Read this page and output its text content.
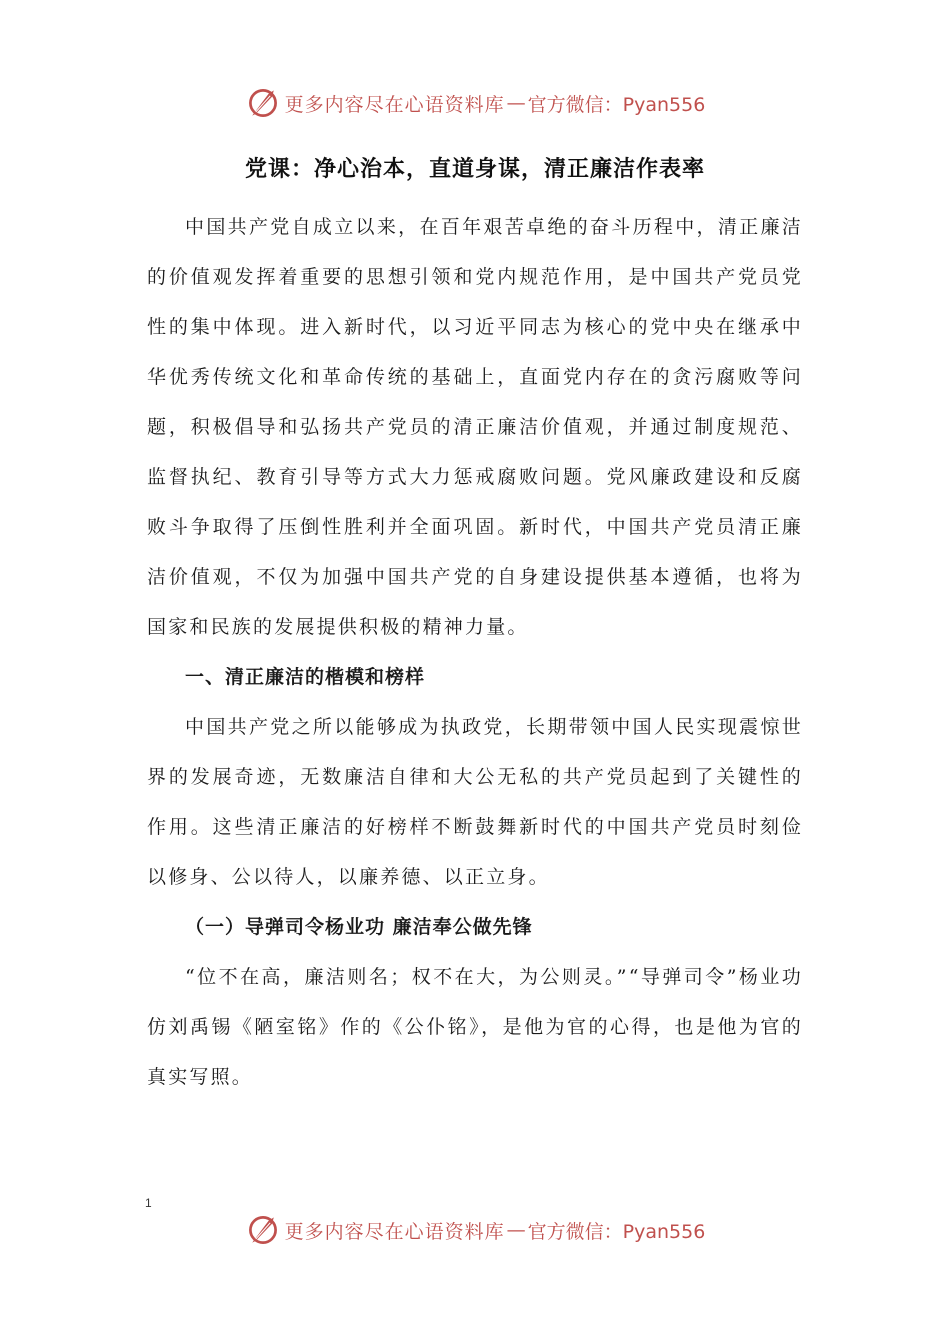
更多内容尽在心语资料库 — 官方微信：Pyan556
党课：净心治本，直道身谋，清正廉洁作表率

中国共产党自成立以来，在百年艰苦卓绝的奋斗历程中，清正廉洁的价值观发挥着重要的思想引领和党内规范作用，是中国共产党员党性的集中体现。进入新时代，以习近平同志为核心的党中央在继承中华优秀传统文化和革命传统的基础上，直面党内存在的贪污腐败等问题，积极倡导和弘扬共产党员的清正廉洁价值观，并通过制度规范、监督执纪、教育引导等方式大力惩戒腐败问题。党风廉政建设和反腐败斗争取得了压倒性胜利并全面巩固。新时代，中国共产党员清正廉洁价值观，不仅为加强中国共产党的自身建设提供基本遵循，也将为国家和民族的发展提供积极的精神力量。

一、清正廉洁的楷模和榜样

中国共产党之所以能够成为执政党，长期带领中国人民实现震惊世界的发展奇迹，无数廉洁自律和大公无私的共产党员起到了关键性的作用。这些清正廉洁的好榜样不断鼓舞新时代的中国共产党员时刻俭以修身、公以待人，以廉养德、以正立身。

（一）导弹司令杨业功 廉洁奉公做先锋

“位不在高，廉洁则名；权不在大，为公则灵。”“导弹司令”杨业功仿刘禹锡《陋室铭》作的《公仆铭》，是他为官的心得，也是他为官的真实写照。

1
更多内容尽在心语资料库 — 官方微信：Pyan556
